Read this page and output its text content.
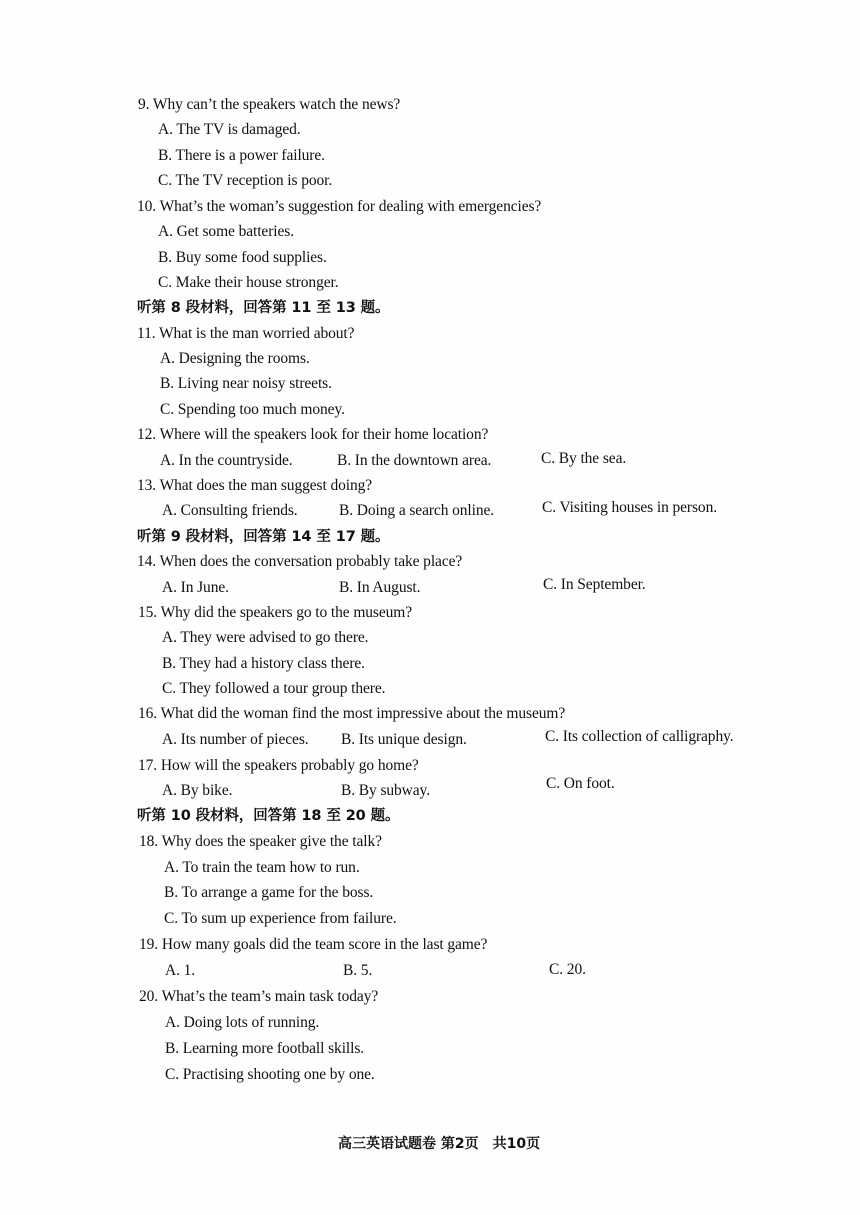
9. Why can’t the speakers watch the news?
A. The TV is damaged.
B. There is a power failure.
C. The TV reception is poor.
10. What’s the woman’s suggestion for dealing with emergencies?
A. Get some batteries.
B. Buy some food supplies.
C. Make their house stronger.
听第 8 段材料，回答第 11 至 13 题。
11. What is the man worried about?
A. Designing the rooms.
B. Living near noisy streets.
C. Spending too much money.
12. Where will the speakers look for their home location?
A. In the countryside.	B. In the downtown area.	C. By the sea.
13. What does the man suggest doing?
A. Consulting friends.	B. Doing a search online.	C. Visiting houses in person.
听第 9 段材料，回答第 14 至 17 题。
14. When does the conversation probably take place?
A. In June.	B. In August.	C. In September.
15. Why did the speakers go to the museum?
A. They were advised to go there.
B. They had a history class there.
C. They followed a tour group there.
16. What did the woman find the most impressive about the museum?
A. Its number of pieces. B. Its unique design.	C. Its collection of calligraphy.
17. How will the speakers probably go home?
A. By bike.	B. By subway.	C. On foot.
听第 10 段材料，回答第 18 至 20 题。
18. Why does the speaker give the talk?
A. To train the team how to run.
B. To arrange a game for the boss.
C. To sum up experience from failure.
19. How many goals did the team score in the last game?
A. 1.	B. 5.	C. 20.
20. What’s the team’s main task today?
A. Doing lots of running.
B. Learning more football skills.
C. Practising shooting one by one.
高三英语试题卷 第2页　共10页
